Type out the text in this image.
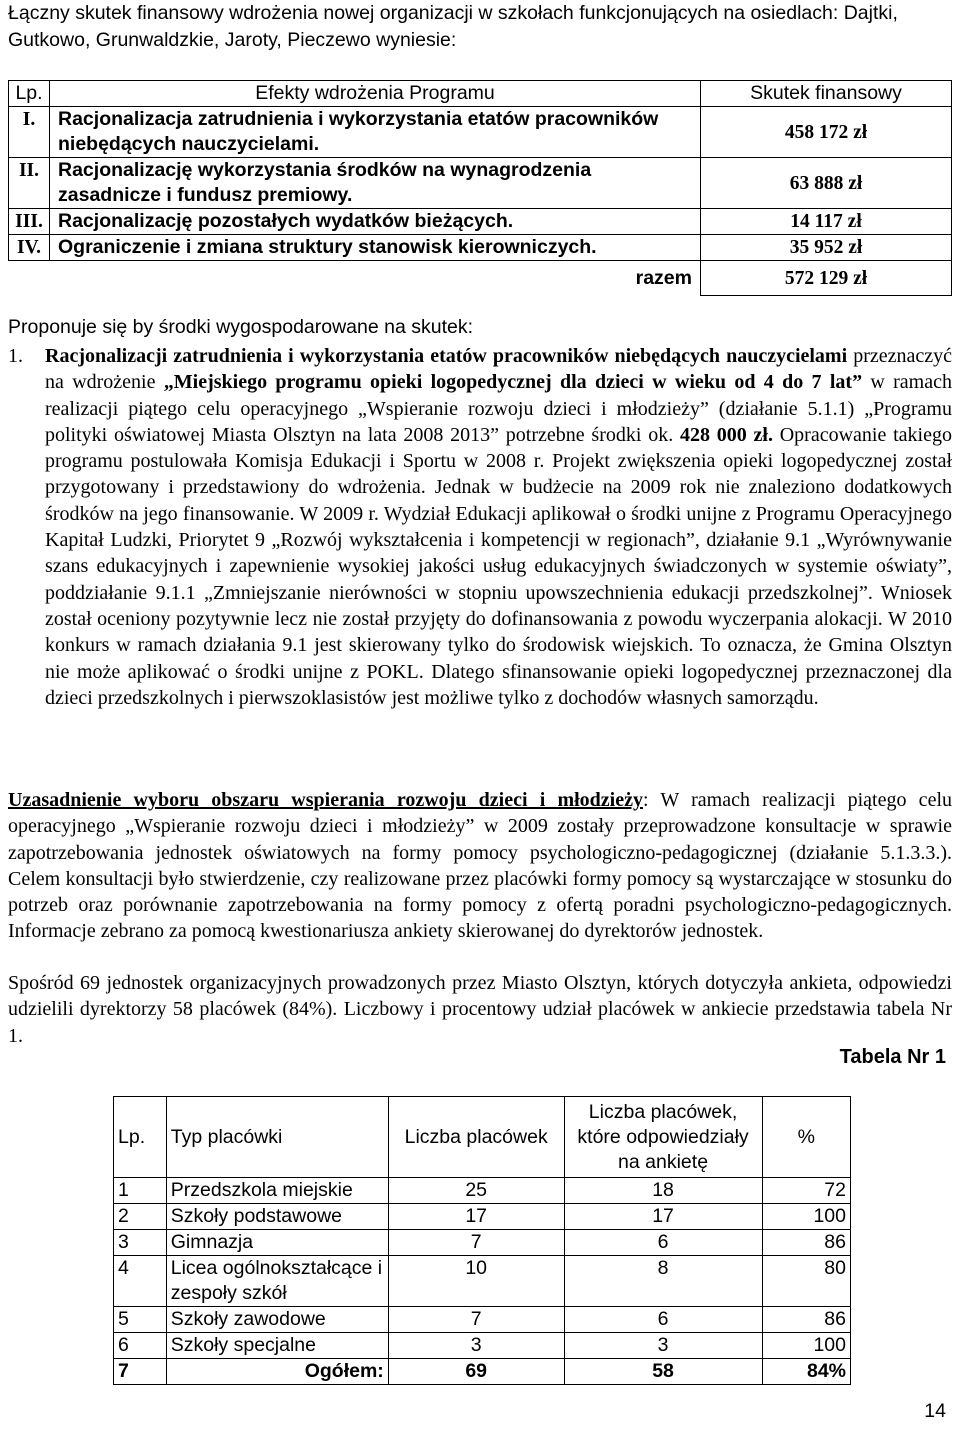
Łączny skutek finansowy wdrożenia nowej organizacji w szkołach funkcjonujących na osiedlach: Dajtki, Gutkowo, Grunwaldzkie, Jaroty, Pieczewo wyniesie:
Lp.	Efekty wdrożenia Programu	Skutek finansowy
I.	Racjonalizacja zatrudnienia i wykorzystania etatów pracowników niebędących nauczycielami.	458 172 zł
II.	Racjonalizację wykorzystania środków na wynagrodzenia zasadnicze i fundusz premiowy.	63 888 zł
III.	Racjonalizację pozostałych wydatków bieżących.	14 117 zł
IV.	Ograniczenie i zmiana struktury stanowisk kierowniczych.	35 952 zł
	razem	572 129 zł
Proponuje się by środki wygospodarowane na skutek:
1. Racjonalizacji zatrudnienia i wykorzystania etatów pracowników niebędących nauczycielami przeznaczyć na wdrożenie „Miejskiego programu opieki logopedycznej dla dzieci w wieku od 4 do 7 lat” w ramach realizacji piątego celu operacyjnego „Wspieranie rozwoju dzieci i młodzieży” (działanie 5.1.1) „Programu polityki oświatowej Miasta Olsztyn na lata 2008 2013” potrzebne środki ok. 428 000 zł. Opracowanie takiego programu postulowała Komisja Edukacji i Sportu w 2008 r. Projekt zwiększenia opieki logopedycznej został przygotowany i przedstawiony do wdrożenia. Jednak w budżecie na 2009 rok nie znaleziono dodatkowych środków na jego finansowanie. W 2009 r. Wydział Edukacji aplikował o środki unijne z Programu Operacyjnego Kapitał Ludzki, Priorytet 9 „Rozwój wykształcenia i kompetencji w regionach”, działanie 9.1 „Wyrównywanie szans edukacyjnych i zapewnienie wysokiej jakości usług edukacyjnych świadczonych w systemie oświaty”, poddziałanie 9.1.1 „Zmniejszanie nierówności w stopniu upowszechnienia edukacji przedszkolnej”. Wniosek został oceniony pozytywnie lecz nie został przyjęty do dofinansowania z powodu wyczerpania alokacji. W 2010 konkurs w ramach działania 9.1 jest skierowany tylko do środowisk wiejskich. To oznacza, że Gmina Olsztyn nie może aplikować o środki unijne z POKL. Dlatego sfinansowanie opieki logopedycznej przeznaczonej dla dzieci przedszkolnych i pierwszoklasistów jest możliwe tylko z dochodów własnych samorządu.
Uzasadnienie wyboru obszaru wspierania rozwoju dzieci i młodzieży: W ramach realizacji piątego celu operacyjnego „Wspieranie rozwoju dzieci i młodzieży” w 2009 zostały przeprowadzone konsultacje w sprawie zapotrzebowania jednostek oświatowych na formy pomocy psychologiczno-pedagogicznej (działanie 5.1.3.3.). Celem konsultacji było stwierdzenie, czy realizowane przez placówki formy pomocy są wystarczające w stosunku do potrzeb oraz porównanie zapotrzebowania na formy pomocy z ofertą poradni psychologiczno-pedagogicznych. Informacje zebrano za pomocą kwestionariusza ankiety skierowanej do dyrektorów jednostek.
Spośród 69 jednostek organizacyjnych prowadzonych przez Miasto Olsztyn, których dotyczyła ankieta, odpowiedzi udzielili dyrektorzy 58 placówek (84%). Liczbowy i procentowy udział placówek w ankiecie przedstawia tabela Nr 1.
Tabela Nr 1
Lp.	Typ placówki	Liczba placówek	Liczba placówek, które odpowiedziały na ankietę	%
1	Przedszkola miejskie	25	18	72
2	Szkoły podstawowe	17	17	100
3	Gimnazja	7	6	86
4	Licea ogólnokształcące i zespoły szkół	10	8	80
5	Szkoły zawodowe	7	6	86
6	Szkoły specjalne	3	3	100
7	Ogółem:	69	58	84%
14
